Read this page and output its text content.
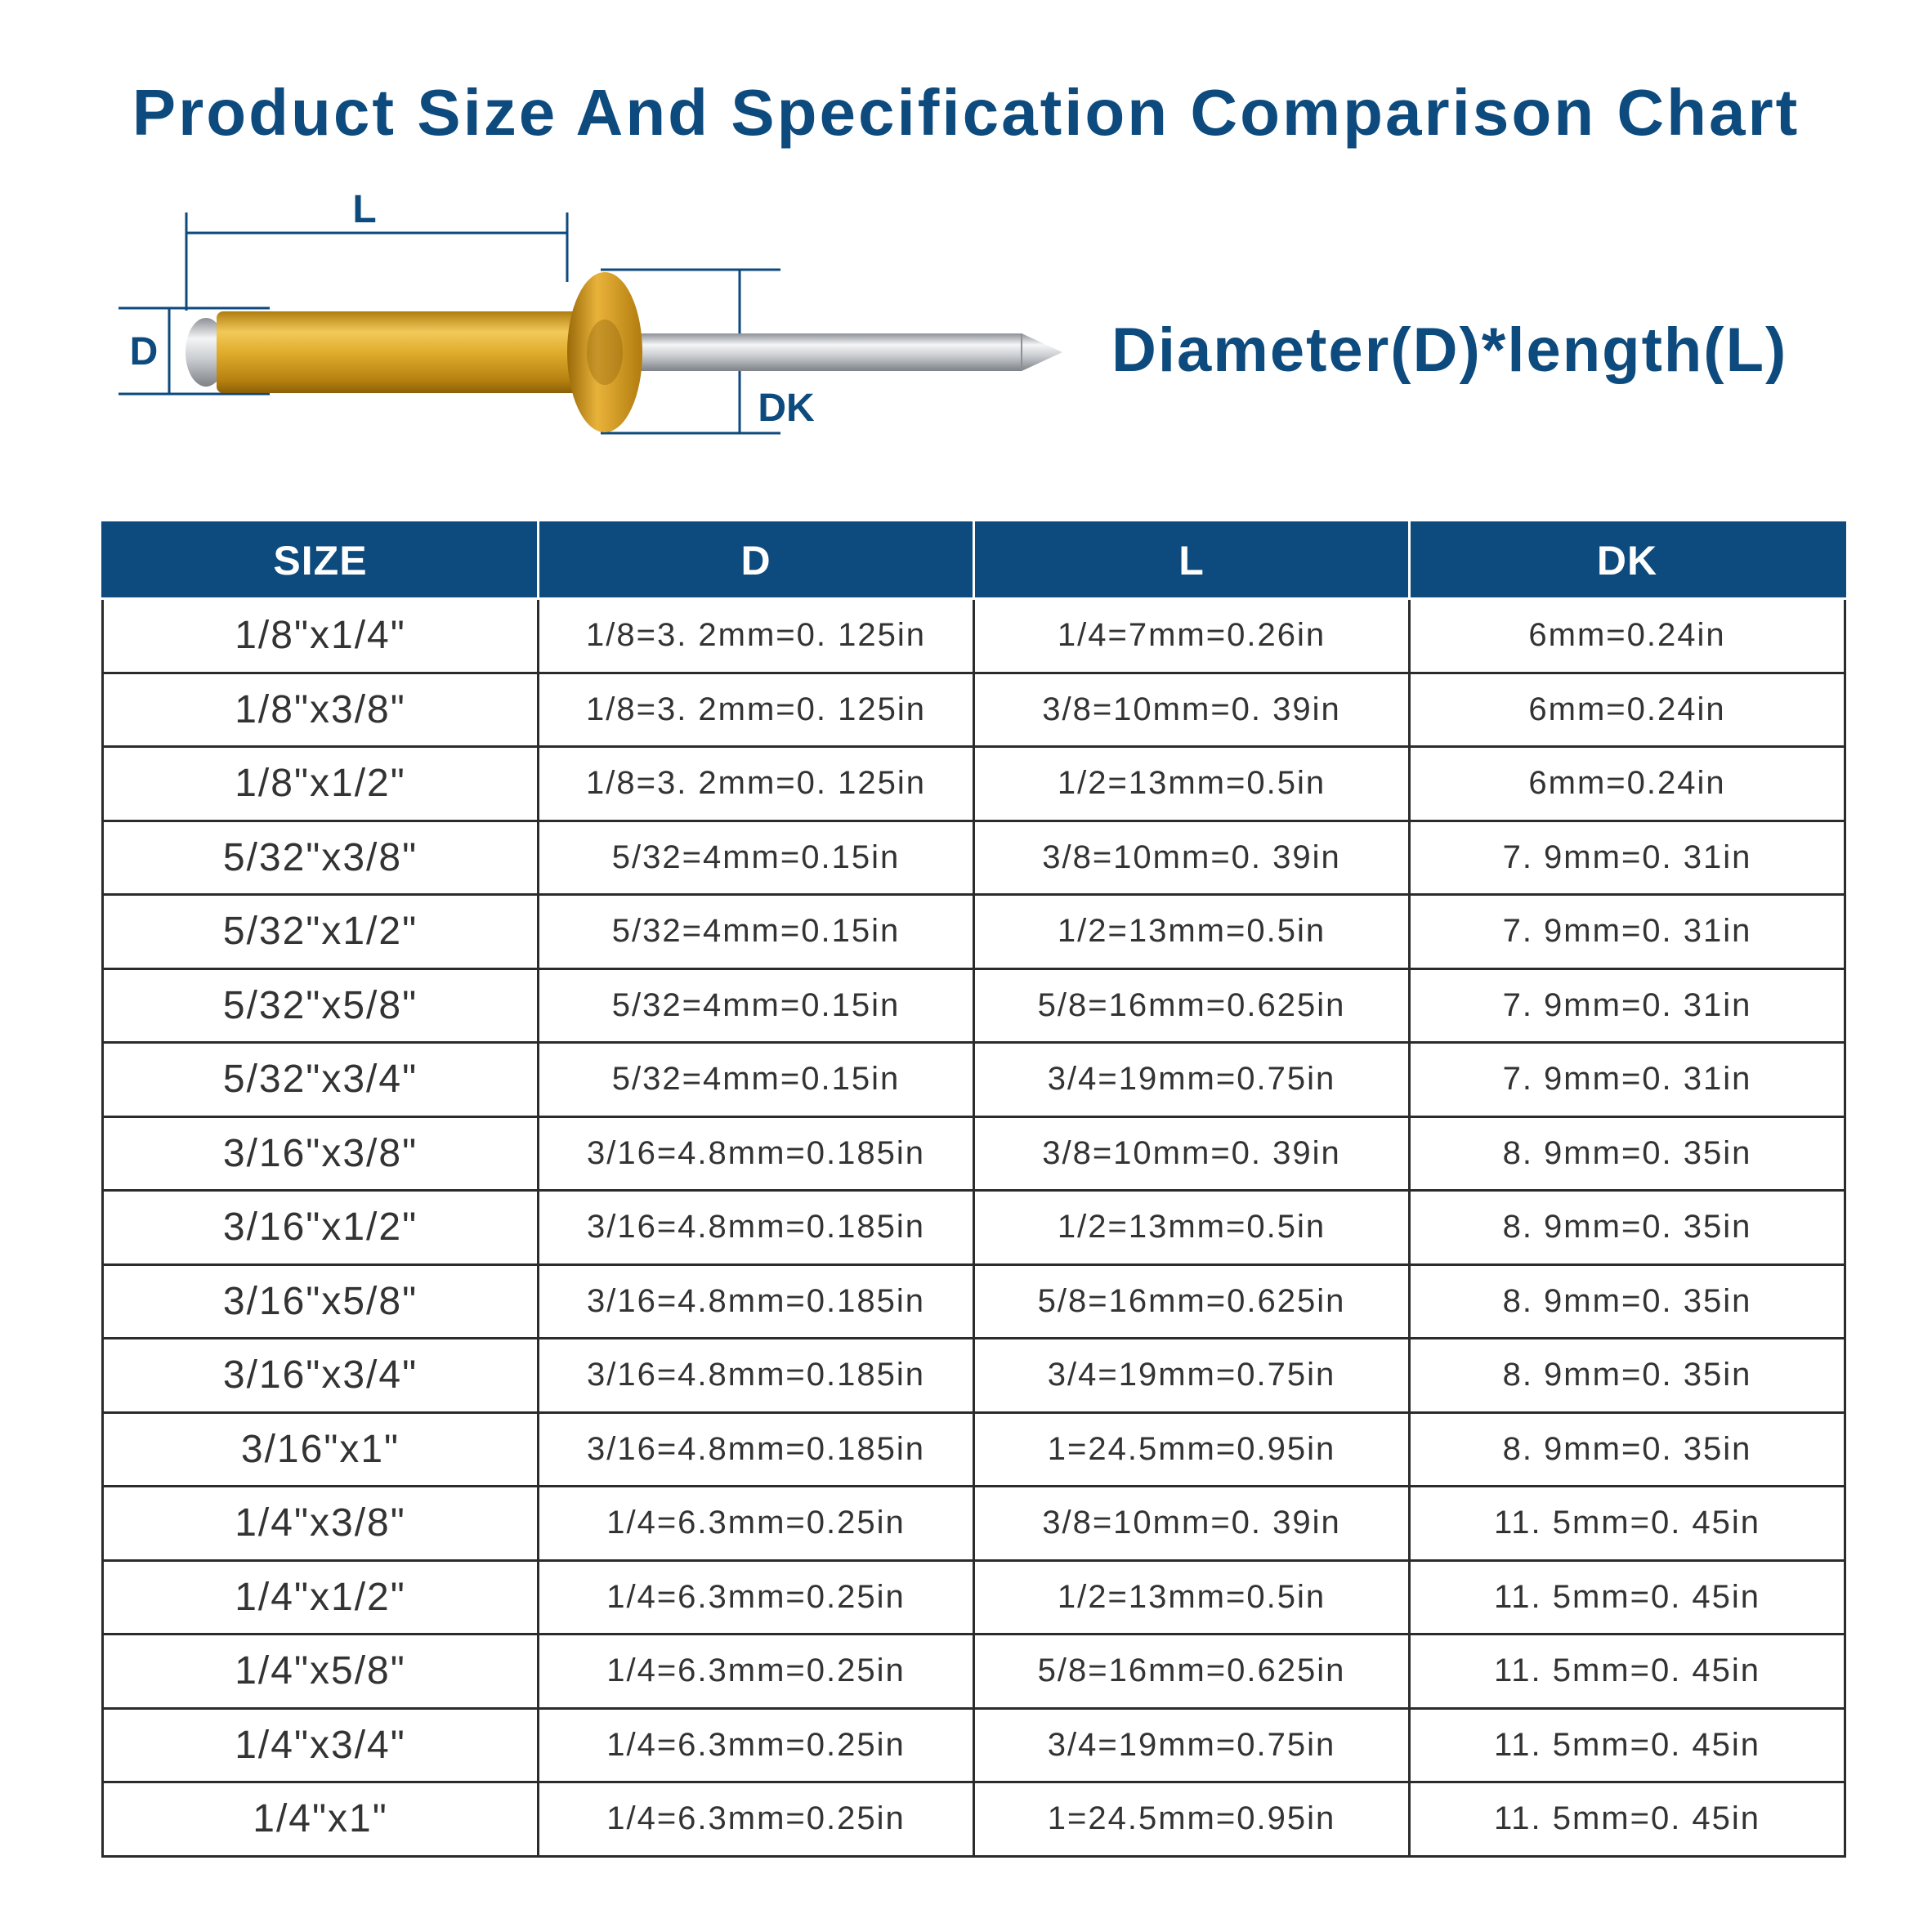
Product Size And Specification Comparison Chart
L
D
DK
Diameter(D)*length(L)
SIZE	D	L	DK
1/8"x1/4"	1/8=3. 2mm=0. 125in	1/4=7mm=0.26in	6mm=0.24in
1/8"x3/8"	1/8=3. 2mm=0. 125in	3/8=10mm=0. 39in	6mm=0.24in
1/8"x1/2"	1/8=3. 2mm=0. 125in	1/2=13mm=0.5in	6mm=0.24in
5/32"x3/8"	5/32=4mm=0.15in	3/8=10mm=0. 39in	7. 9mm=0. 31in
5/32"x1/2"	5/32=4mm=0.15in	1/2=13mm=0.5in	7. 9mm=0. 31in
5/32"x5/8"	5/32=4mm=0.15in	5/8=16mm=0.625in	7. 9mm=0. 31in
5/32"x3/4"	5/32=4mm=0.15in	3/4=19mm=0.75in	7. 9mm=0. 31in
3/16"x3/8"	3/16=4.8mm=0.185in	3/8=10mm=0. 39in	8. 9mm=0. 35in
3/16"x1/2"	3/16=4.8mm=0.185in	1/2=13mm=0.5in	8. 9mm=0. 35in
3/16"x5/8"	3/16=4.8mm=0.185in	5/8=16mm=0.625in	8. 9mm=0. 35in
3/16"x3/4"	3/16=4.8mm=0.185in	3/4=19mm=0.75in	8. 9mm=0. 35in
3/16"x1"	3/16=4.8mm=0.185in	1=24.5mm=0.95in	8. 9mm=0. 35in
1/4"x3/8"	1/4=6.3mm=0.25in	3/8=10mm=0. 39in	11. 5mm=0. 45in
1/4"x1/2"	1/4=6.3mm=0.25in	1/2=13mm=0.5in	11. 5mm=0. 45in
1/4"x5/8"	1/4=6.3mm=0.25in	5/8=16mm=0.625in	11. 5mm=0. 45in
1/4"x3/4"	1/4=6.3mm=0.25in	3/4=19mm=0.75in	11. 5mm=0. 45in
1/4"x1"	1/4=6.3mm=0.25in	1=24.5mm=0.95in	11. 5mm=0. 45in
